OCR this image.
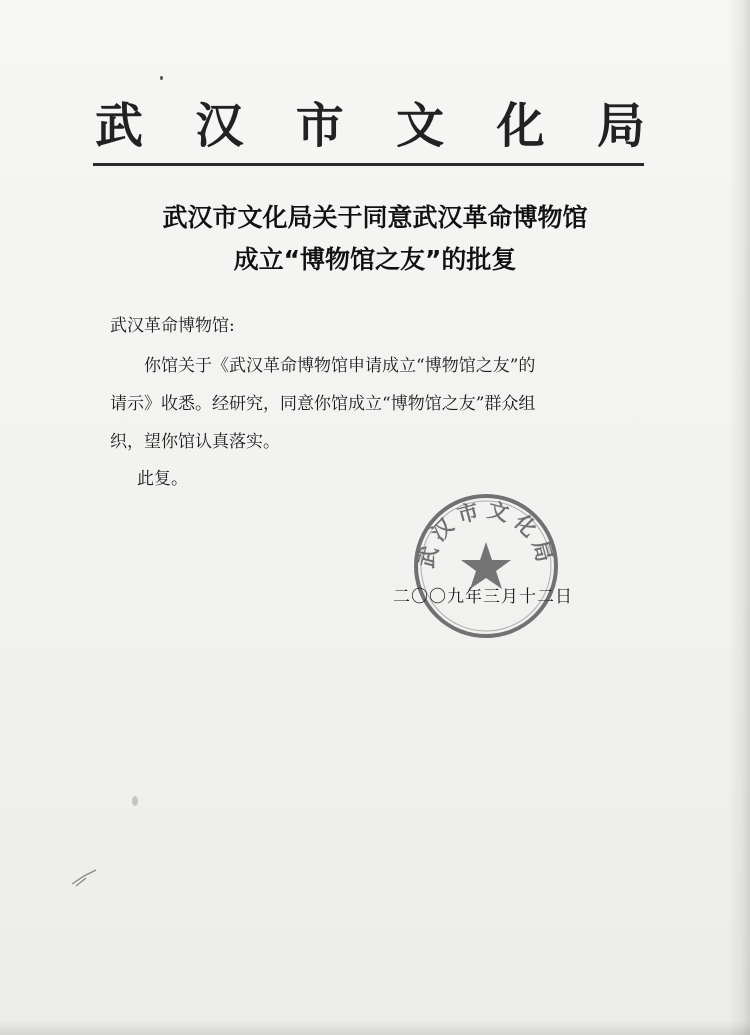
武 汉 市 文 化 局
武汉市文化局关于同意武汉革命博物馆
成立“博物馆之友”的批复
武汉革命博物馆:
　　你馆关于《武汉革命博物馆申请成立“博物馆之友”的
请示》收悉。经研究，同意你馆成立“博物馆之友”群众组
织，望你馆认真落实。
此复。
武汉市文化局
二〇〇九年三月十二日
